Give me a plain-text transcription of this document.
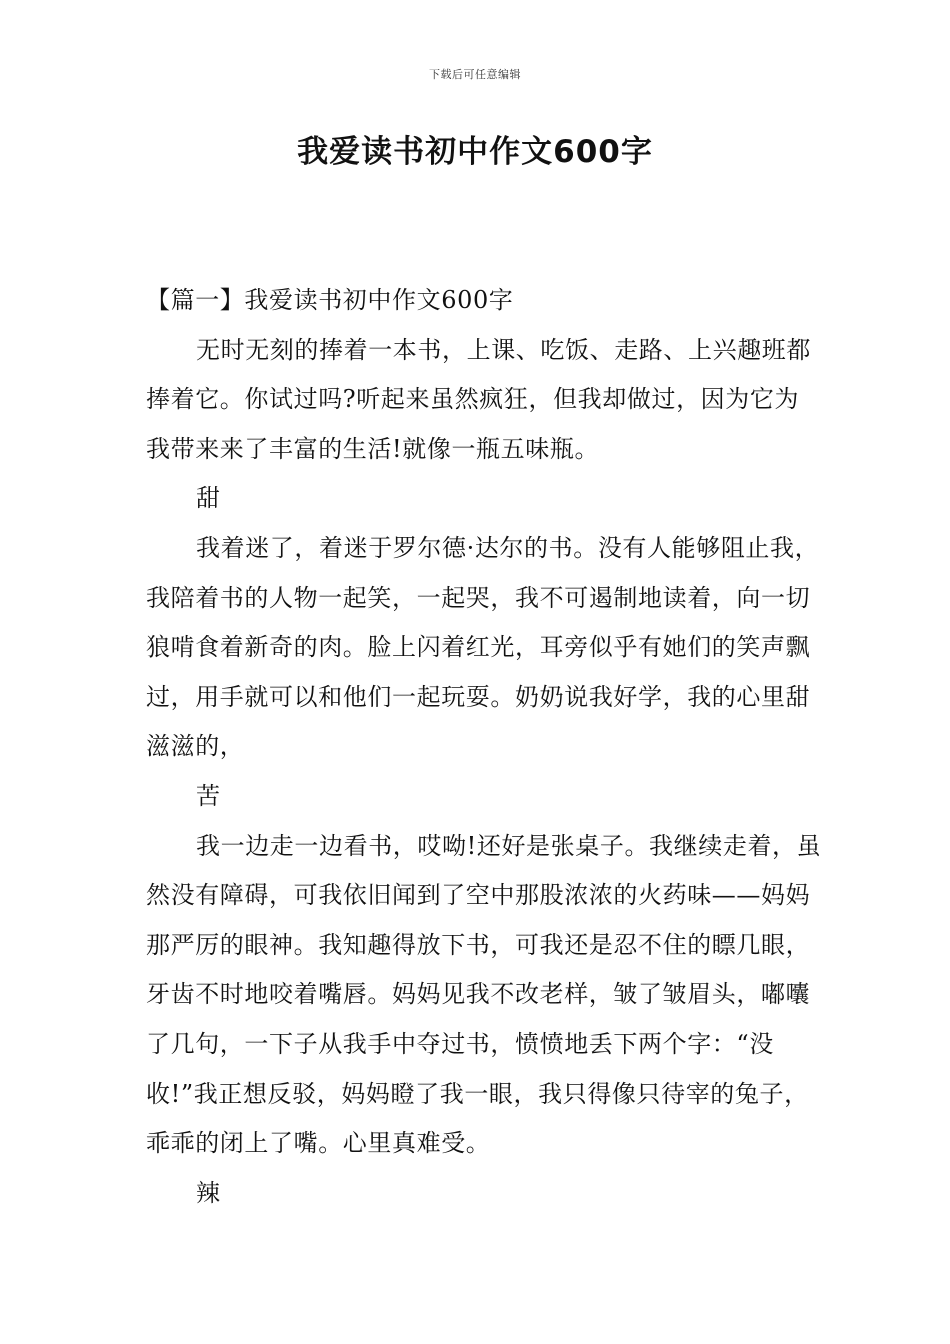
下载后可任意编辑
我爱读书初中作文600字

【篇一】我爱读书初中作文600字

无时无刻的捧着一本书，上课、吃饭、走路、上兴趣班都捧着它。你试过吗?听起来虽然疯狂，但我却做过，因为它为我带来来了丰富的生活!就像一瓶五味瓶。

甜

我着迷了，着迷于罗尔德·达尔的书。没有人能够阻止我，我陪着书的人物一起笑，一起哭，我不可遏制地读着，向一切狼啃食着新奇的肉。脸上闪着红光，耳旁似乎有她们的笑声飘过，用手就可以和他们一起玩耍。奶奶说我好学，我的心里甜滋滋的，

苦

我一边走一边看书，哎呦!还好是张桌子。我继续走着，虽然没有障碍，可我依旧闻到了空中那股浓浓的火药味——妈妈那严厉的眼神。我知趣得放下书，可我还是忍不住的瞟几眼，牙齿不时地咬着嘴唇。妈妈见我不改老样，皱了皱眉头，嘟囔了几句，一下子从我手中夺过书，愤愤地丢下两个字：“没收!”我正想反驳，妈妈瞪了我一眼，我只得像只待宰的兔子，乖乖的闭上了嘴。心里真难受。

辣
